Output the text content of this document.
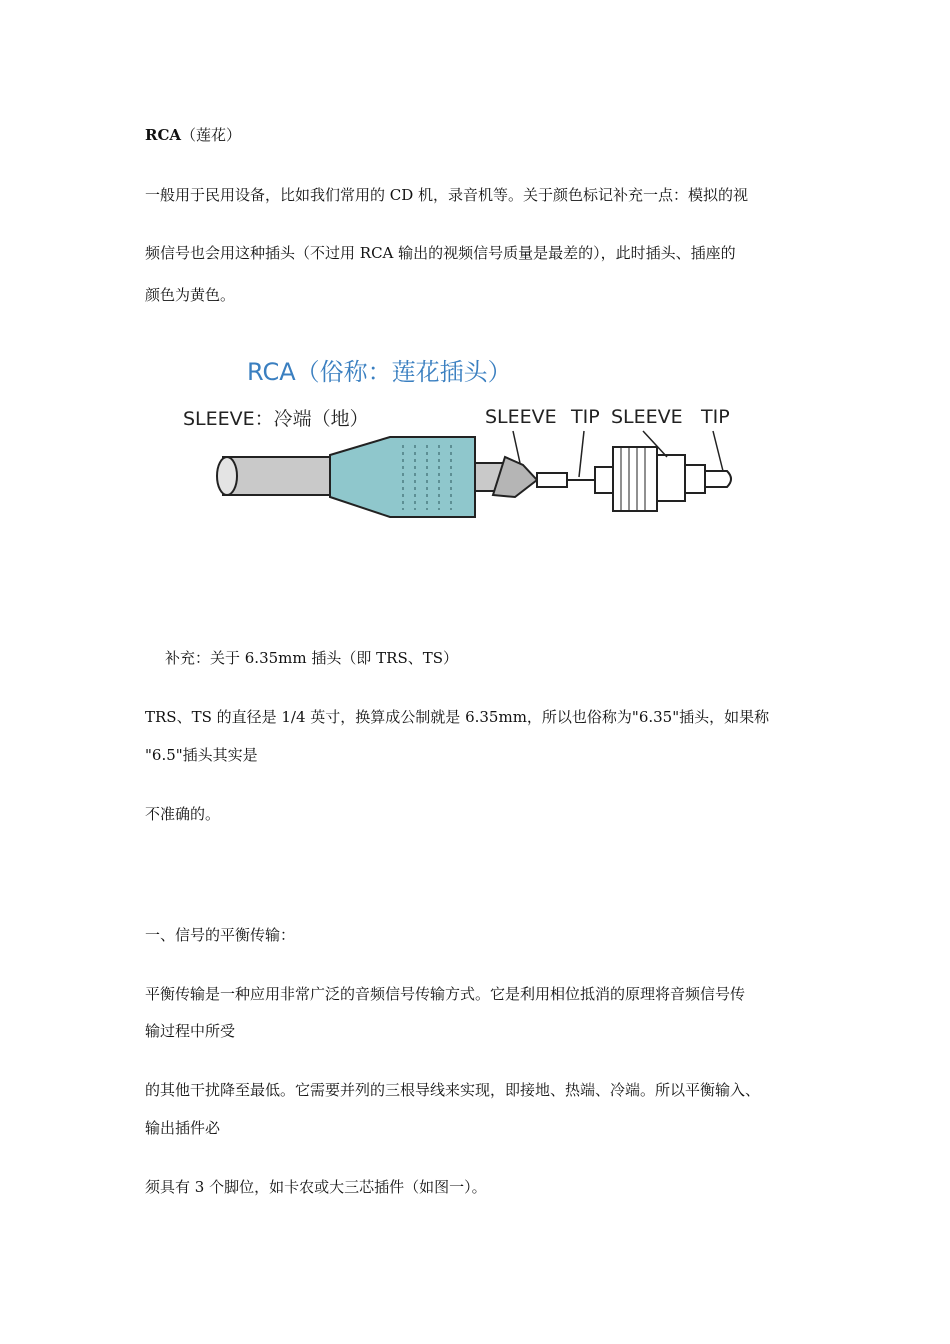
RCA（莲花）
一般用于民用设备，比如我们常用的 CD 机，录音机等。关于颜色标记补充一点：模拟的视
频信号也会用这种插头（不过用 RCA 输出的视频信号质量是最差的），此时插头、插座的
颜色为黄色。
RCA（俗称：莲花插头）
SLEEVE：冷端（地）	SLEEVE TIP SLEEVE TIP
补充：关于 6.35mm 插头（即 TRS、TS）
TRS、TS 的直径是 1/4 英寸，换算成公制就是 6.35mm，所以也俗称为"6.35"插头，如果称
"6.5"插头其实是
不准确的。
一、信号的平衡传输：
平衡传输是一种应用非常广泛的音频信号传输方式。它是利用相位抵消的原理将音频信号传
输过程中所受
的其他干扰降至最低。它需要并列的三根导线来实现，即接地、热端、冷端。所以平衡输入、
输出插件必
须具有 3 个脚位，如卡农或大三芯插件（如图一）。
